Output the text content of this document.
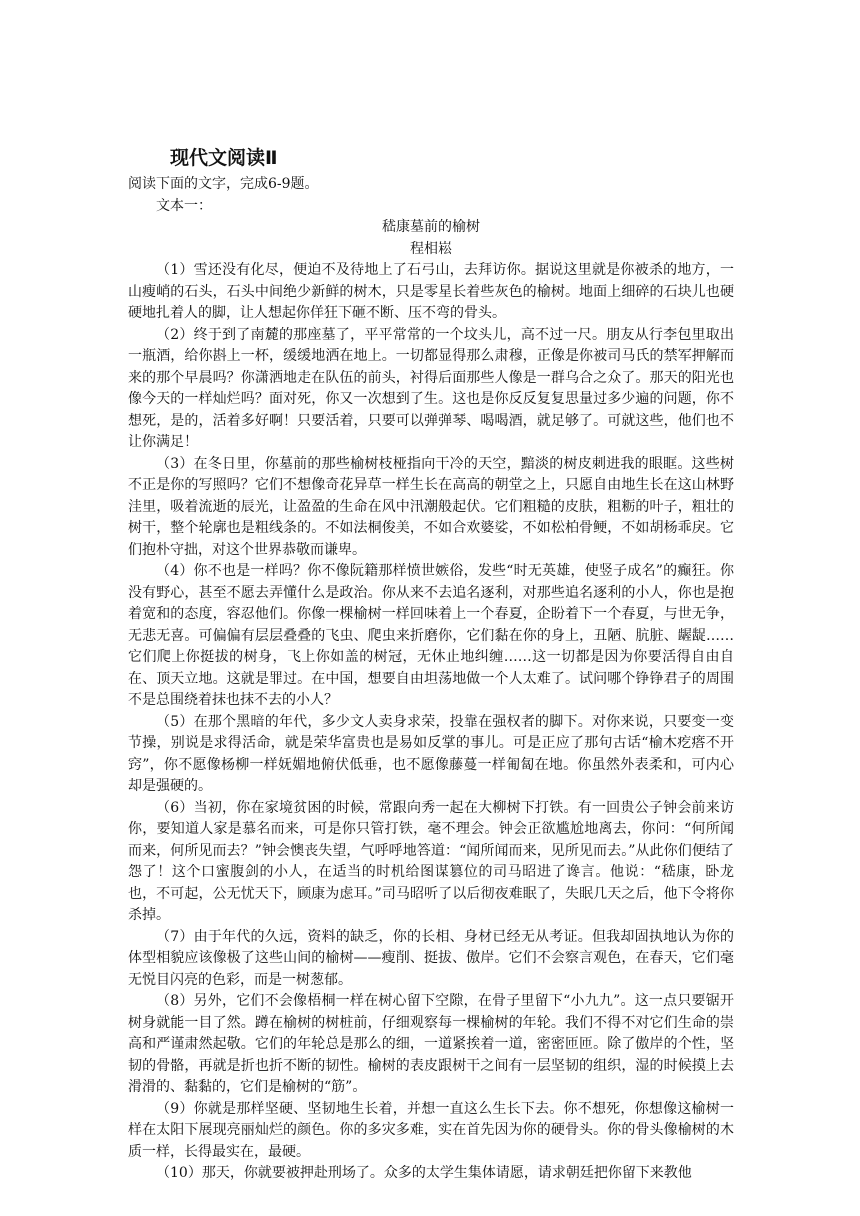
现代文阅读Ⅱ

阅读下面的文字，完成6-9题。

文本一：

嵇康墓前的榆树

程相崧

（1）雪还没有化尽，便迫不及待地上了石弓山，去拜访你。据说这里就是你被杀的地方，一山瘦峭的石头，石头中间绝少新鲜的树木，只是零星长着些灰色的榆树。地面上细碎的石块儿也硬硬地扎着人的脚，让人想起你佯狂下砸不断、压不弯的骨头。

（2）终于到了南麓的那座墓了，平平常常的一个坟头儿，高不过一尺。朋友从行李包里取出一瓶酒，给你斟上一杯，缓缓地洒在地上。一切都显得那么肃穆，正像是你被司马氏的禁军押解而来的那个早晨吗？你潇洒地走在队伍的前头，衬得后面那些人像是一群乌合之众了。那天的阳光也像今天的一样灿烂吗？面对死，你又一次想到了生。这也是你反反复复思量过多少遍的问题，你不想死，是的，活着多好啊！只要活着，只要可以弹弹琴、喝喝酒，就足够了。可就这些，他们也不让你满足！

（3）在冬日里，你墓前的那些榆树枝桠指向干冷的天空，黯淡的树皮刺进我的眼眶。这些树不正是你的写照吗？它们不想像奇花异草一样生长在高高的朝堂之上，只愿自由地生长在这山林野洼里，吸着流逝的辰光，让盈盈的生命在风中汛潮般起伏。它们粗糙的皮肤，粗粝的叶子，粗壮的树干，整个轮廓也是粗线条的。不如法桐俊美，不如合欢婆娑，不如松柏骨鲠，不如胡杨乖戾。它们抱朴守拙，对这个世界恭敬而谦卑。

（4）你不也是一样吗？你不像阮籍那样愤世嫉俗，发些“时无英雄，使竖子成名”的癫狂。你没有野心，甚至不愿去弄懂什么是政治。你从来不去追名逐利，对那些追名逐利的小人，你也是抱着宽和的态度，容忍他们。你像一棵榆树一样回味着上一个春夏，企盼着下一个春夏，与世无争，无悲无喜。可偏偏有层层叠叠的飞虫、爬虫来折磨你，它们黏在你的身上，丑陋、肮脏、龌龊……它们爬上你挺拔的树身，飞上你如盖的树冠，无休止地纠缠……这一切都是因为你要活得自由自在、顶天立地。这就是罪过。在中国，想要自由坦荡地做一个人太难了。试问哪个铮铮君子的周围不是总围绕着抹也抹不去的小人？

（5）在那个黑暗的年代，多少文人卖身求荣，投靠在强权者的脚下。对你来说，只要变一变节操，别说是求得活命，就是荣华富贵也是易如反掌的事儿。可是正应了那句古话“榆木疙瘩不开窍”，你不愿像杨柳一样妩媚地俯伏低垂，也不愿像藤蔓一样匍匐在地。你虽然外表柔和，可内心却是强硬的。

（6）当初，你在家境贫困的时候，常跟向秀一起在大柳树下打铁。有一回贵公子钟会前来访你，要知道人家是慕名而来，可是你只管打铁，毫不理会。钟会正欲尴尬地离去，你问：“何所闻而来，何所见而去？”钟会懊丧失望，气呼呼地答道：“闻所闻而来，见所见而去。”从此你们便结了怨了！这个口蜜腹剑的小人，在适当的时机给图谋篡位的司马昭进了谗言。他说：“嵇康，卧龙也，不可起，公无忧天下，顾康为虑耳。”司马昭听了以后彻夜难眠了，失眠几天之后，他下令将你杀掉。

（7）由于年代的久远，资料的缺乏，你的长相、身材已经无从考证。但我却固执地认为你的体型相貌应该像极了这些山间的榆树——瘦削、挺拔、傲岸。它们不会察言观色，在春天，它们毫无悦目闪亮的色彩，而是一树葱郁。

（8）另外，它们不会像梧桐一样在树心留下空隙，在骨子里留下“小九九”。这一点只要锯开树身就能一目了然。蹲在榆树的树桩前，仔细观察每一棵榆树的年轮。我们不得不对它们生命的崇高和严谨肃然起敬。它们的年轮总是那么的细，一道紧挨着一道，密密匝匝。除了傲岸的个性，坚韧的骨骼，再就是折也折不断的韧性。榆树的表皮跟树干之间有一层坚韧的组织，湿的时候摸上去滑滑的、黏黏的，它们是榆树的“筋”。

（9）你就是那样坚硬、坚韧地生长着，并想一直这么生长下去。你不想死，你想像这榆树一样在太阳下展现亮丽灿烂的颜色。你的多灾多难，实在首先因为你的硬骨头。你的骨头像榆树的木质一样，长得最实在，最硬。

（10）那天，你就要被押赴刑场了。众多的太学生集体请愿，请求朝廷把你留下来教他
